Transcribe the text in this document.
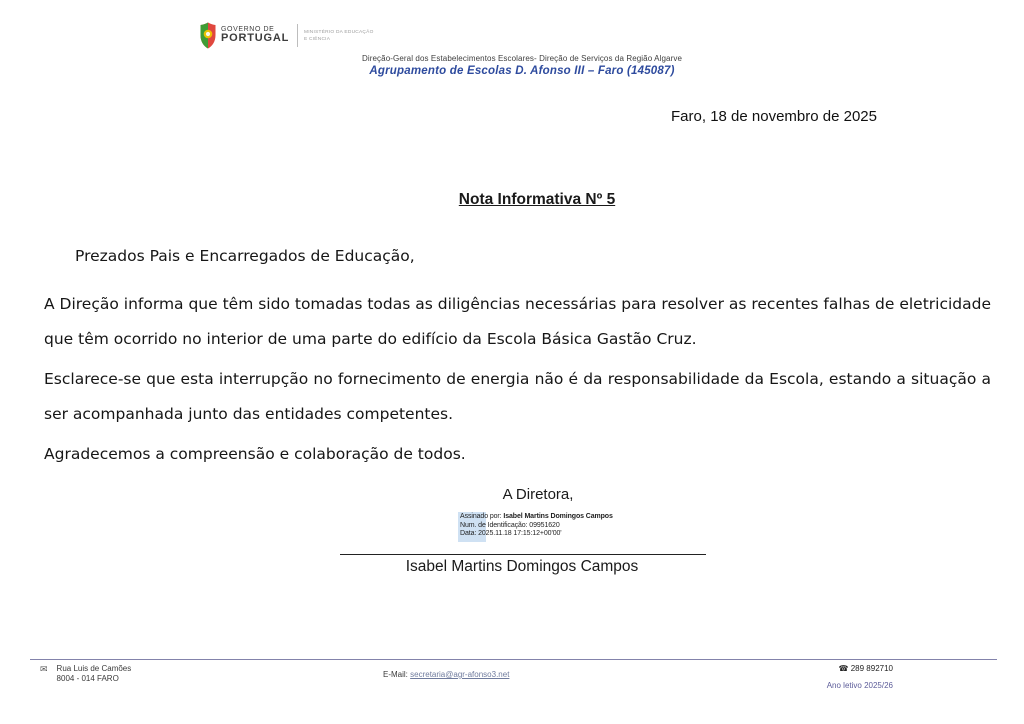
GOVERNO DE
PORTUGAL
MINISTÉRIO DA EDUCAÇÃO
E CIÊNCIA
Direção-Geral dos Estabelecimentos Escolares- Direção de Serviços da Região Algarve
Agrupamento de Escolas D. Afonso III – Faro (145087)
Faro, 18 de novembro de 2025
Nota Informativa Nº 5

Prezados Pais e Encarregados de Educação,

A Direção informa que têm sido tomadas todas as diligências necessárias para resolver as recentes falhas de eletricidade que têm ocorrido no interior de uma parte do edifício da Escola Básica Gastão Cruz.

Esclarece-se que esta interrupção no fornecimento de energia não é da responsabilidade da Escola, estando a situação a ser acompanhada junto das entidades competentes.

Agradecemos a compreensão e colaboração de todos.

A Diretora,
Assinado por: Isabel Martins Domingos Campos
Num. de Identificação: 09951620
Data: 2025.11.18 17:15:12+00'00'
Isabel Martins Domingos Campos
✉ Rua Luis de Camões
8004 - 014 FARO	E-Mail: secretaria@agr-afonso3.net
☎ 289 892710
Ano letivo 2025/26
